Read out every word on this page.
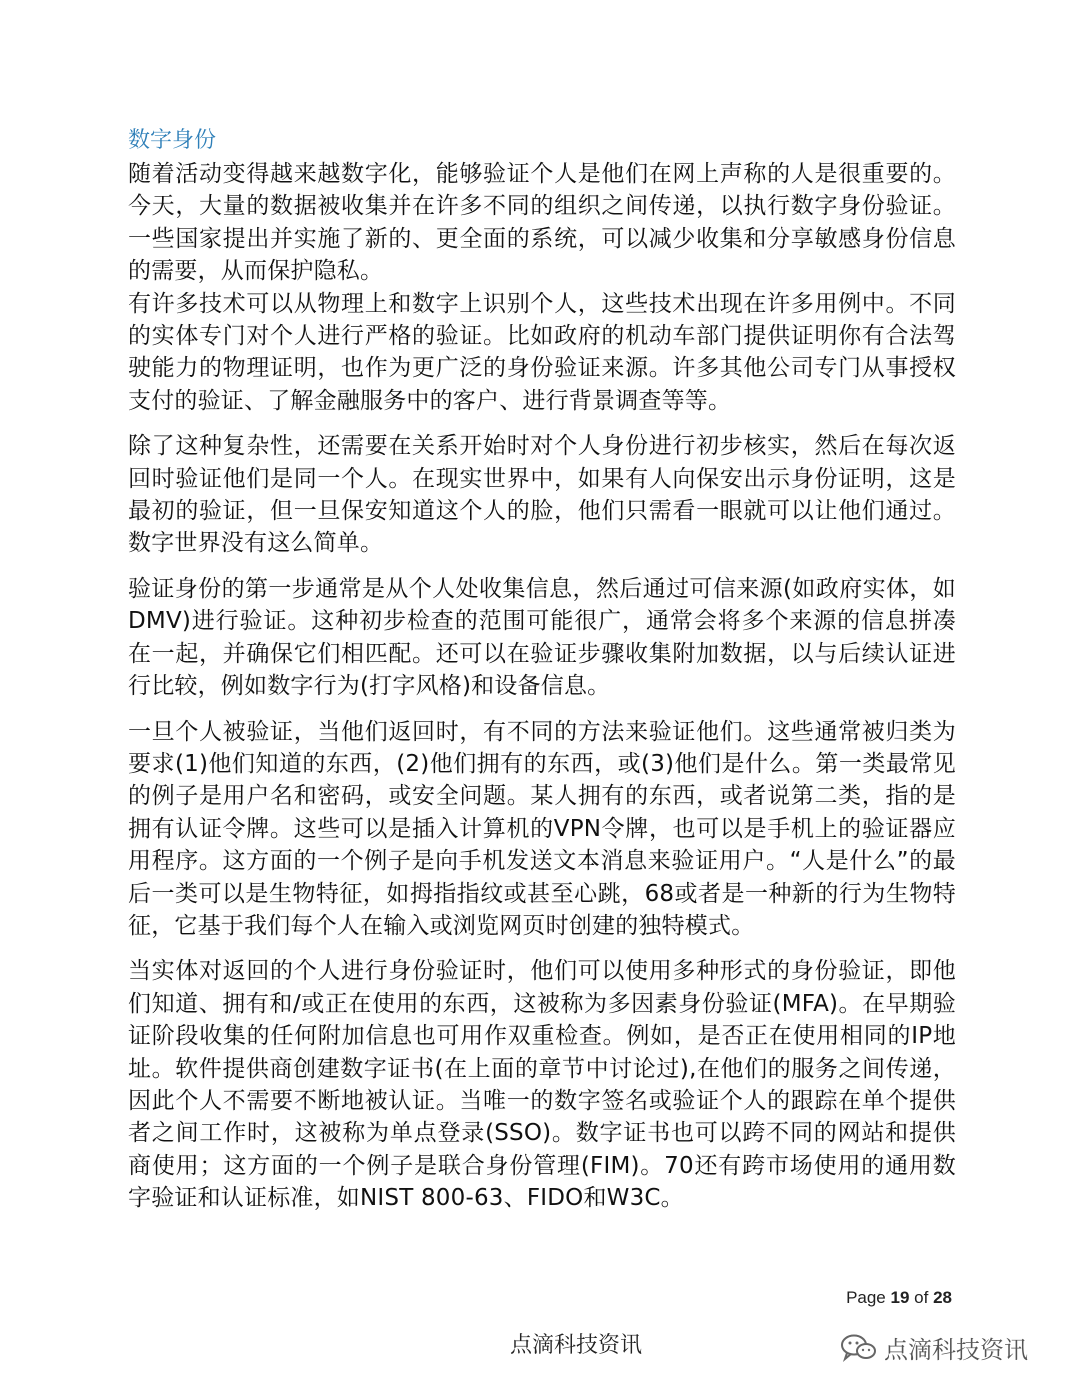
数字身份

随着活动变得越来越数字化，能够验证个人是他们在网上声称的人是很重要的。今天，大量的数据被收集并在许多不同的组织之间传递，以执行数字身份验证。一些国家提出并实施了新的、更全面的系统，可以减少收集和分享敏感身份信息的需要，从而保护隐私。

有许多技术可以从物理上和数字上识别个人，这些技术出现在许多用例中。不同的实体专门对个人进行严格的验证。比如政府的机动车部门提供证明你有合法驾驶能力的物理证明，也作为更广泛的身份验证来源。许多其他公司专门从事授权支付的验证、了解金融服务中的客户、进行背景调查等等。

除了这种复杂性，还需要在关系开始时对个人身份进行初步核实，然后在每次返回时验证他们是同一个人。在现实世界中，如果有人向保安出示身份证明，这是最初的验证，但一旦保安知道这个人的脸，他们只需看一眼就可以让他们通过。数字世界没有这么简单。

验证身份的第一步通常是从个人处收集信息，然后通过可信来源(如政府实体，如DMV)进行验证。这种初步检查的范围可能很广，通常会将多个来源的信息拼凑在一起，并确保它们相匹配。还可以在验证步骤收集附加数据，以与后续认证进行比较，例如数字行为(打字风格)和设备信息。

一旦个人被验证，当他们返回时，有不同的方法来验证他们。这些通常被归类为要求(1)他们知道的东西，(2)他们拥有的东西，或(3)他们是什么。第一类最常见的例子是用户名和密码，或安全问题。某人拥有的东西，或者说第二类，指的是拥有认证令牌。这些可以是插入计算机的VPN令牌，也可以是手机上的验证器应用程序。这方面的一个例子是向手机发送文本消息来验证用户。“人是什么”的最后一类可以是生物特征，如拇指指纹或甚至心跳，68或者是一种新的行为生物特征，它基于我们每个人在输入或浏览网页时创建的独特模式。

当实体对返回的个人进行身份验证时，他们可以使用多种形式的身份验证，即他们知道、拥有和/或正在使用的东西，这被称为多因素身份验证(MFA)。在早期验证阶段收集的任何附加信息也可用作双重检查。例如，是否正在使用相同的IP地址。软件提供商创建数字证书(在上面的章节中讨论过),在他们的服务之间传递，因此个人不需要不断地被认证。当唯一的数字签名或验证个人的跟踪在单个提供者之间工作时，这被称为单点登录(SSO)。数字证书也可以跨不同的网站和提供商使用；这方面的一个例子是联合身份管理(FIM)。70还有跨市场使用的通用数字验证和认证标准，如NIST 800-63、FIDO和W3C。

Page 19 of 28
点滴科技资讯	点滴科技资讯
